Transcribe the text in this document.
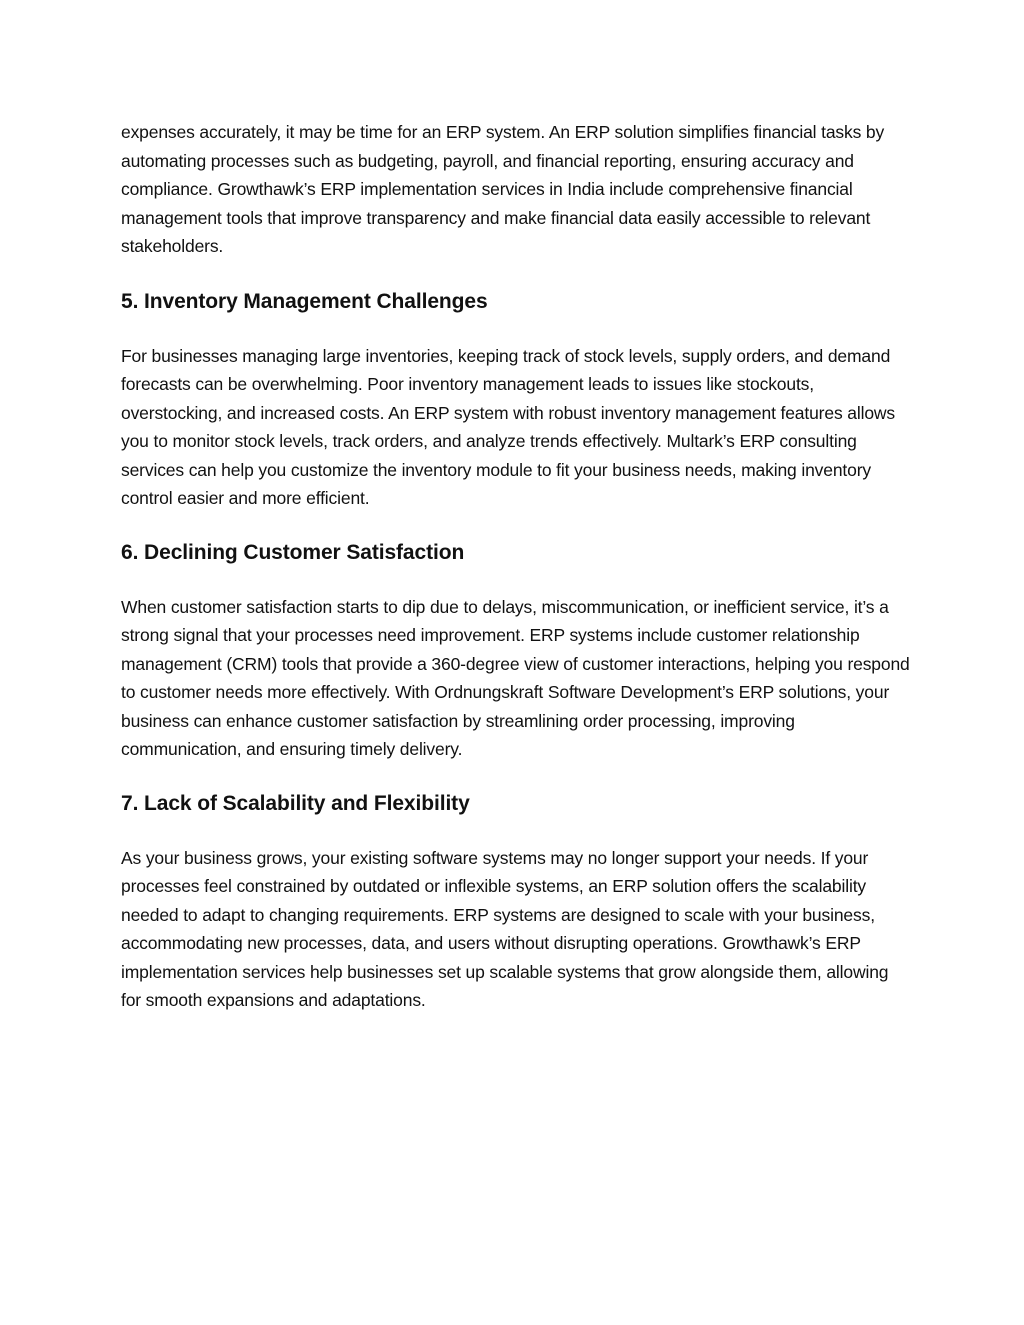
expenses accurately, it may be time for an ERP system. An ERP solution simplifies financial tasks by automating processes such as budgeting, payroll, and financial reporting, ensuring accuracy and compliance. Growthawk’s ERP implementation services in India include comprehensive financial management tools that improve transparency and make financial data easily accessible to relevant stakeholders.

5. Inventory Management Challenges

For businesses managing large inventories, keeping track of stock levels, supply orders, and demand forecasts can be overwhelming. Poor inventory management leads to issues like stockouts, overstocking, and increased costs. An ERP system with robust inventory management features allows you to monitor stock levels, track orders, and analyze trends effectively. Multark’s ERP consulting services can help you customize the inventory module to fit your business needs, making inventory control easier and more efficient.

6. Declining Customer Satisfaction

When customer satisfaction starts to dip due to delays, miscommunication, or inefficient service, it’s a strong signal that your processes need improvement. ERP systems include customer relationship management (CRM) tools that provide a 360-degree view of customer interactions, helping you respond to customer needs more effectively. With Ordnungskraft Software Development’s ERP solutions, your business can enhance customer satisfaction by streamlining order processing, improving communication, and ensuring timely delivery.

7. Lack of Scalability and Flexibility

As your business grows, your existing software systems may no longer support your needs. If your processes feel constrained by outdated or inflexible systems, an ERP solution offers the scalability needed to adapt to changing requirements. ERP systems are designed to scale with your business, accommodating new processes, data, and users without disrupting operations. Growthawk’s ERP implementation services help businesses set up scalable systems that grow alongside them, allowing for smooth expansions and adaptations.
